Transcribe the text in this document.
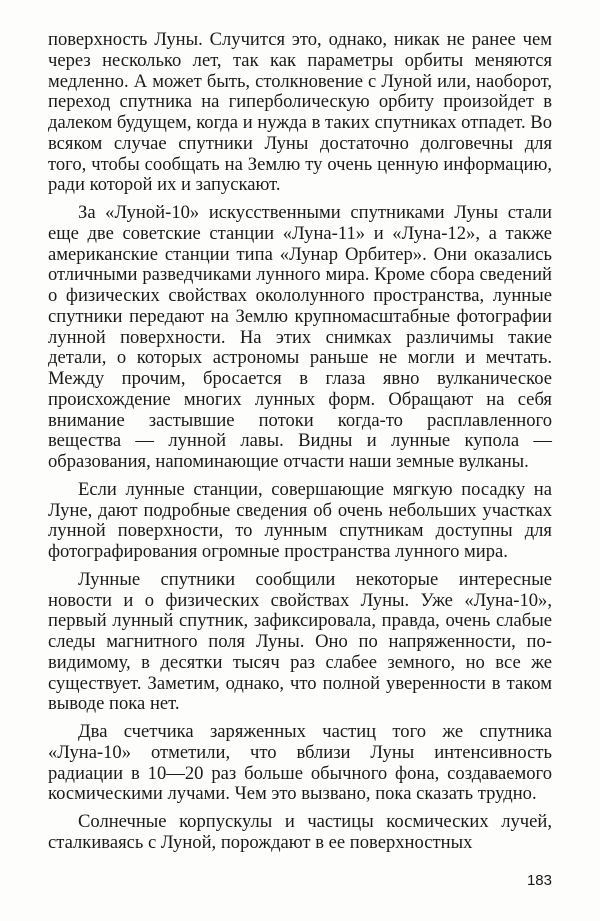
поверхность Луны. Случится это, однако, никак не ранее чем через несколько лет, так как параметры орбиты меняются медленно. А может быть, столкновение с Луной или, наоборот, переход спутника на гиперболическую орбиту произойдет в далеком будущем, когда и нужда в таких спутниках отпадет. Во всяком случае спутники Луны достаточно долговечны для того, чтобы сообщать на Землю ту очень ценную информацию, ради которой их и запускают.

За «Луной-10» искусственными спутниками Луны стали еще две советские станции «Луна-11» и «Луна-12», а также американские станции типа «Лунар Орбитер». Они оказались отличными разведчиками лунного мира. Кроме сбора сведений о физических свойствах окололунного пространства, лунные спутники передают на Землю крупномасштабные фотографии лунной поверхности. На этих снимках различимы такие детали, о которых астрономы раньше не могли и мечтать. Между прочим, бросается в глаза явно вулканическое происхождение многих лунных форм. Обращают на себя внимание застывшие потоки когда-то расплавленного вещества — лунной лавы. Видны и лунные купола — образования, напоминающие отчасти наши земные вулканы.

Если лунные станции, совершающие мягкую посадку на Луне, дают подробные сведения об очень небольших участках лунной поверхности, то лунным спутникам доступны для фотографирования огромные пространства лунного мира.

Лунные спутники сообщили некоторые интересные новости и о физических свойствах Луны. Уже «Луна-10», первый лунный спутник, зафиксировала, правда, очень слабые следы магнитного поля Луны. Оно по напряженности, по-видимому, в десятки тысяч раз слабее земного, но все же существует. Заметим, однако, что полной уверенности в таком выводе пока нет.

Два счетчика заряженных частиц того же спутника «Луна-10» отметили, что вблизи Луны интенсивность радиации в 10—20 раз больше обычного фона, создаваемого космическими лучами. Чем это вызвано, пока сказать трудно.

Солнечные корпускулы и частицы космических лучей, сталкиваясь с Луной, порождают в ее поверхностных

183
